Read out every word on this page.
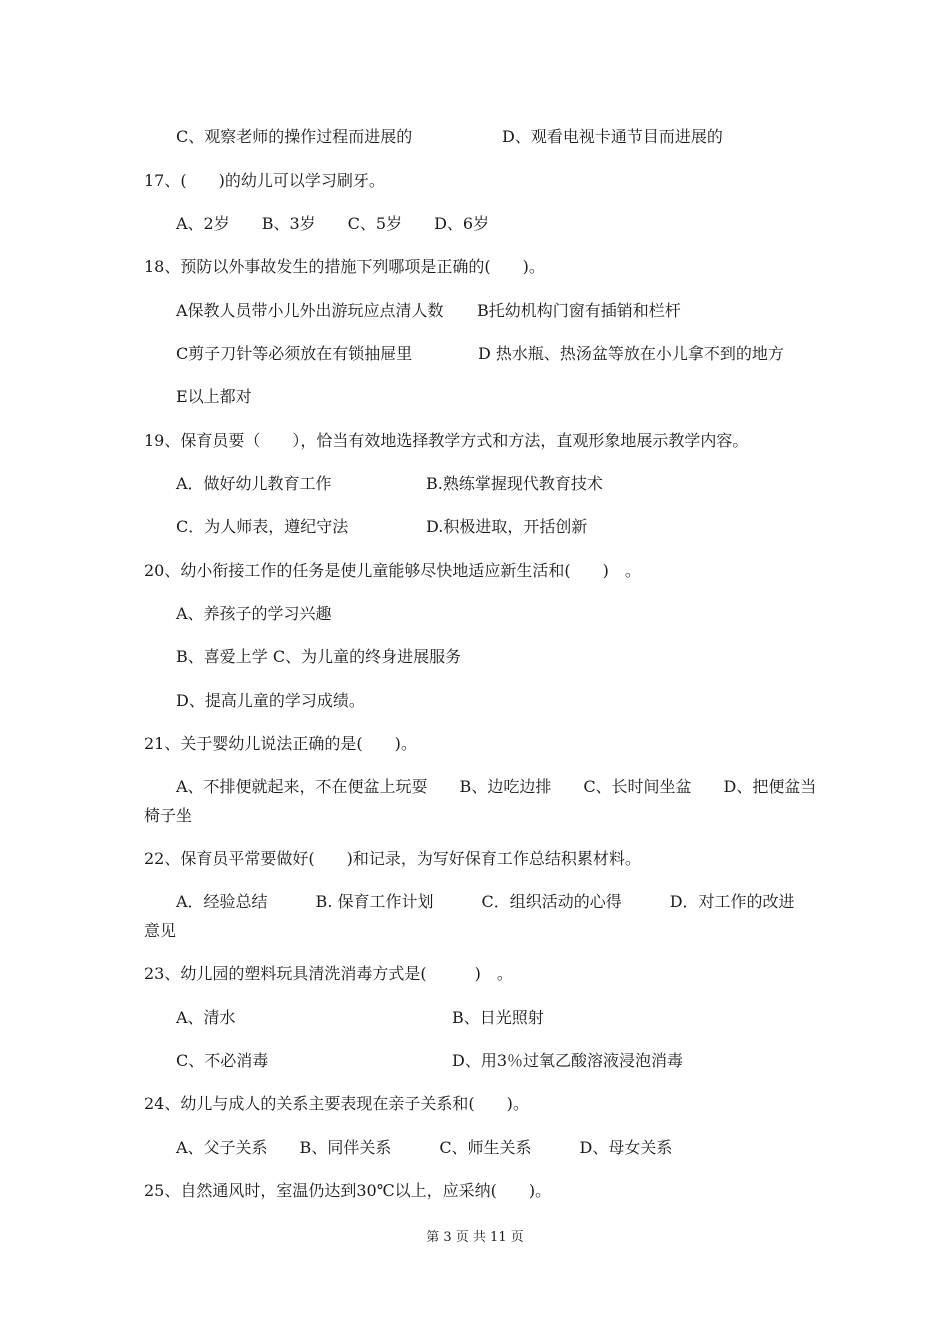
C、观察老师的操作过程而进展的	D、观看电视卡通节目而进展的
17、(　　)的幼儿可以学习刷牙。
A、2岁　　B、3岁　　C、5岁　　D、6岁
18、预防以外事故发生的措施下列哪项是正确的(　　)。
A保教人员带小儿外出游玩应点清人数 B托幼机构门窗有插销和栏杆
C剪子刀针等必须放在有锁抽屉里	D 热水瓶、热汤盆等放在小儿拿不到的地方
E以上都对
19、保育员要（　　），恰当有效地选择教学方式和方法，直观形象地展示教学内容。
A．做好幼儿教育工作	B.熟练掌握现代教育技术
C．为人师表，遵纪守法	D.积极进取，开括创新
20、幼小衔接工作的任务是使儿童能够尽快地适应新生活和(　　)　。
A、养孩子的学习兴趣
B、喜爱上学 C、为儿童的终身进展服务
D、提高儿童的学习成绩。
21、关于婴幼儿说法正确的是(　　)。
A、不排便就起来，不在便盆上玩耍　　B、边吃边排　　C、长时间坐盆　　D、把便盆当
椅子坐
22、保育员平常要做好(　　)和记录，为写好保育工作总结积累材料。
A．经验总结　　　B. 保育工作计划　　　C．组织活动的心得　　　D．对工作的改进
意见
23、幼儿园的塑料玩具清洗消毒方式是(　　　)　。
A、清水	B、日光照射
C、不必消毒	D、用3％过氧乙酸溶液浸泡消毒
24、幼儿与成人的关系主要表现在亲子关系和(　　)。
A、父子关系　　B、同伴关系　　　C、师生关系　　　D、母女关系
25、自然通风时，室温仍达到30℃以上，应采纳(　　)。
第 3 页 共 11 页
